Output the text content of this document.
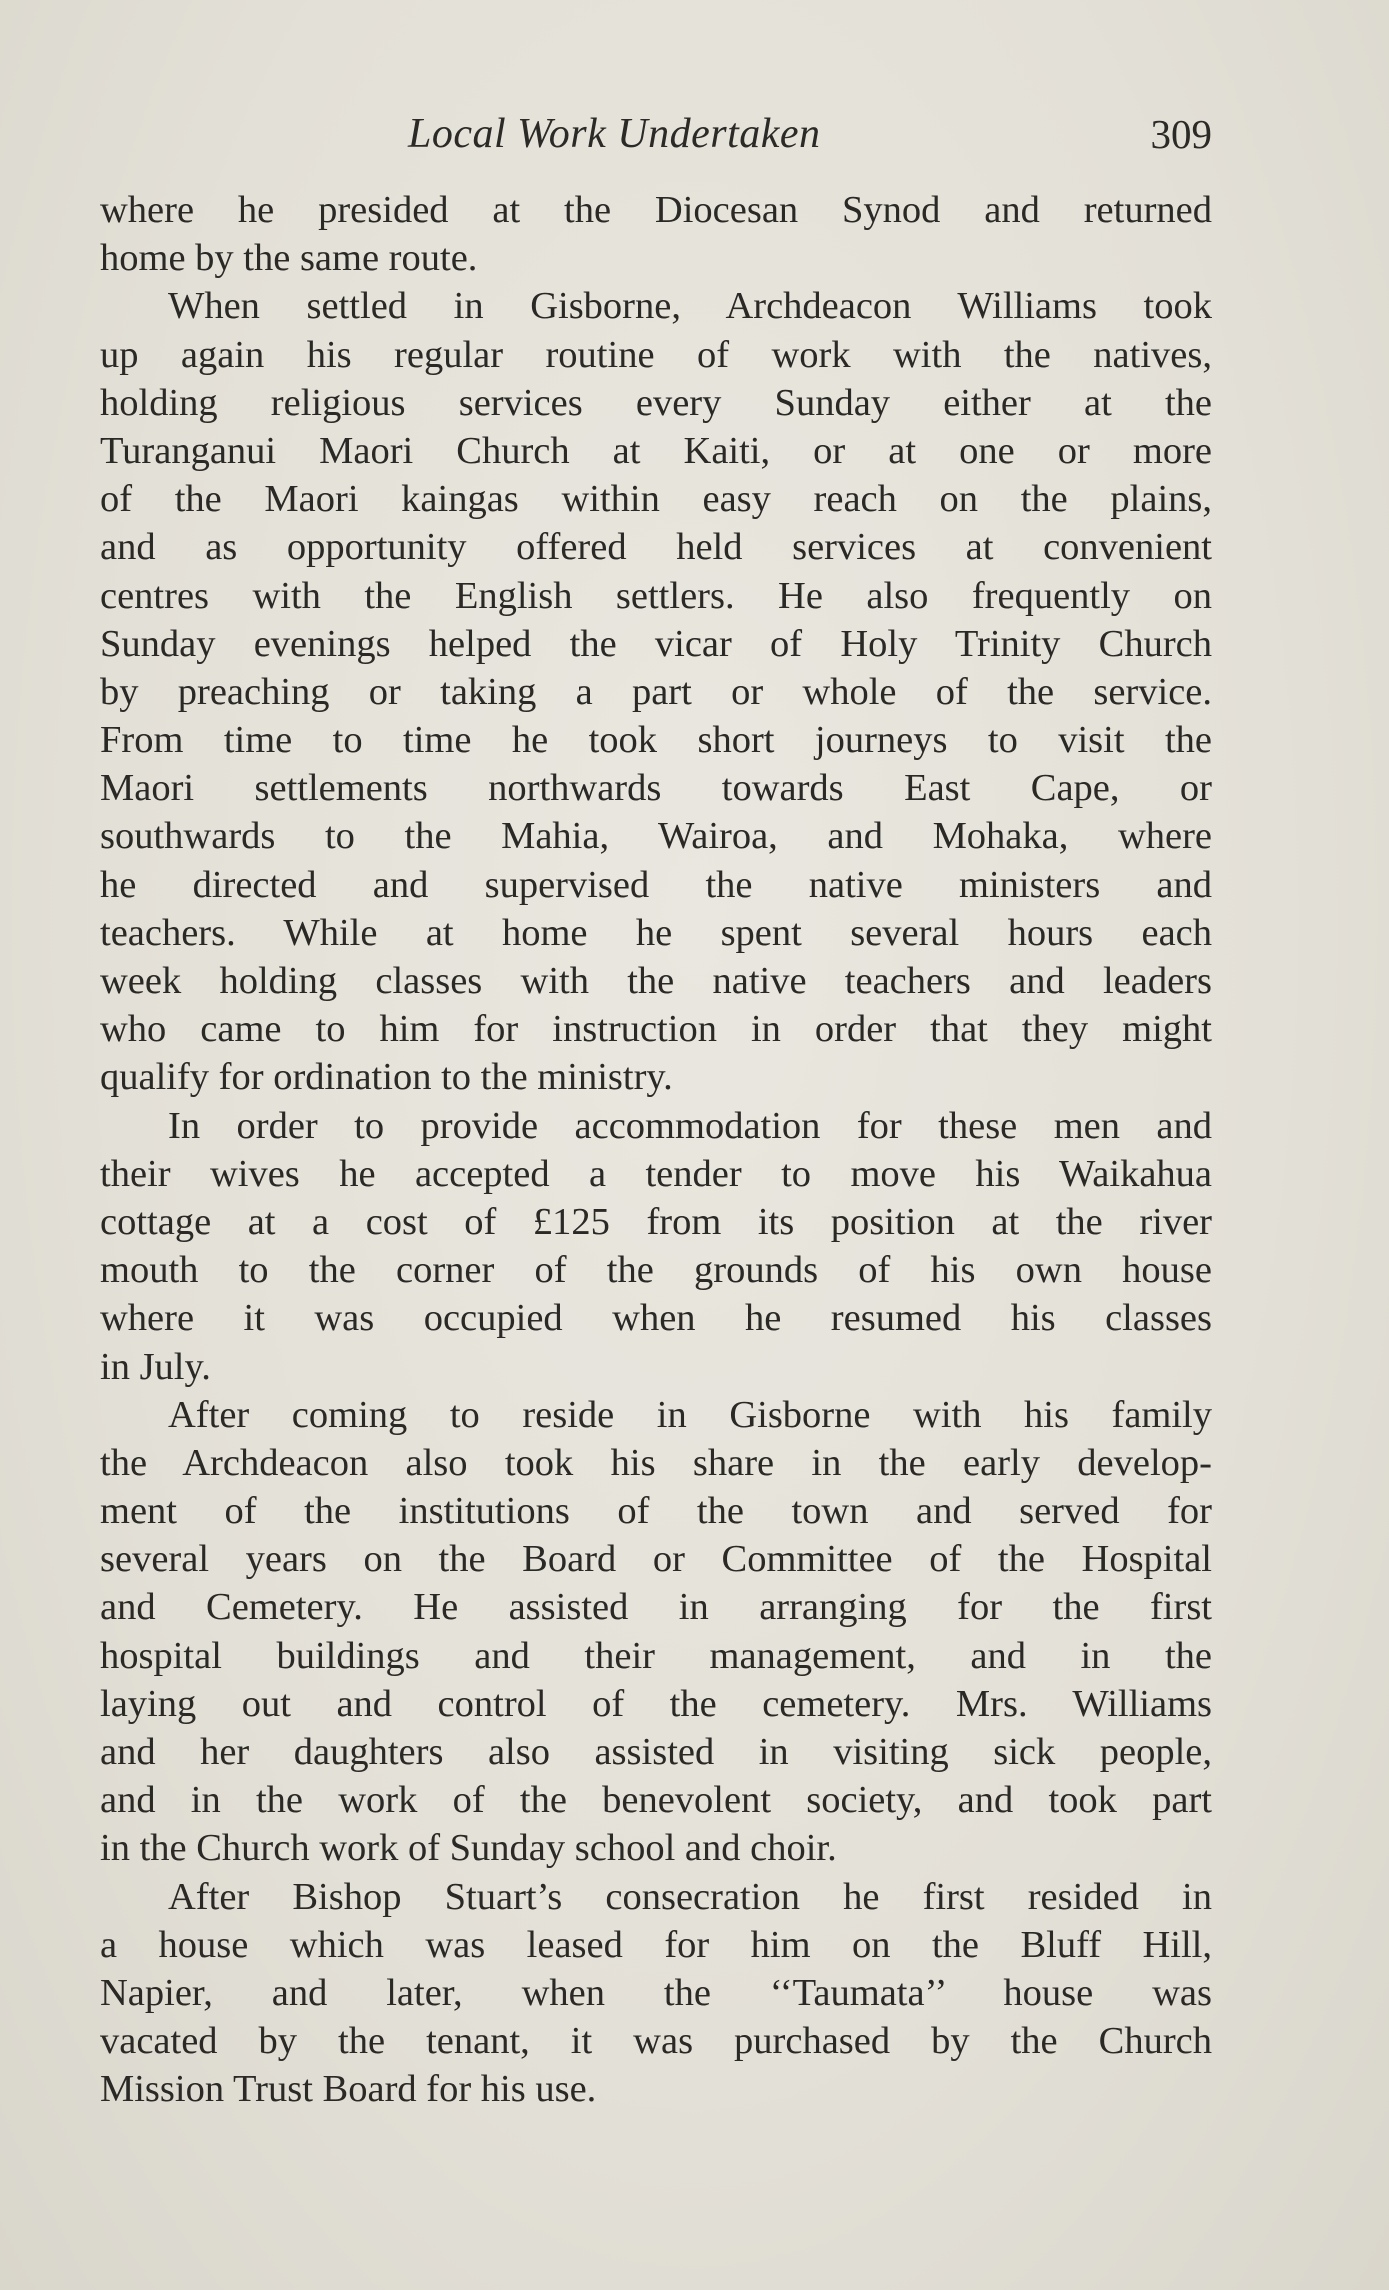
Local Work Undertaken	309
where he presided at the Diocesan Synod and returned
home by the same route.
When settled in Gisborne, Archdeacon Williams took
up again his regular routine of work with the natives,
holding religious services every Sunday either at the
Turanganui Maori Church at Kaiti, or at one or more
of the Maori kaingas within easy reach on the plains,
and as opportunity offered held services at convenient
centres with the English settlers. He also frequently on
Sunday evenings helped the vicar of Holy Trinity Church
by preaching or taking a part or whole of the service.
From time to time he took short journeys to visit the
Maori settlements northwards towards East Cape, or
southwards to the Mahia, Wairoa, and Mohaka, where
he directed and supervised the native ministers and
teachers. While at home he spent several hours each
week holding classes with the native teachers and leaders
who came to him for instruction in order that they might
qualify for ordination to the ministry.
In order to provide accommodation for these men and
their wives he accepted a tender to move his Waikahua
cottage at a cost of £125 from its position at the river
mouth to the corner of the grounds of his own house
where it was occupied when he resumed his classes
in July.
After coming to reside in Gisborne with his family
the Archdeacon also took his share in the early develop-
ment of the institutions of the town and served for
several years on the Board or Committee of the Hospital
and Cemetery. He assisted in arranging for the first
hospital buildings and their management, and in the
laying out and control of the cemetery. Mrs. Williams
and her daughters also assisted in visiting sick people,
and in the work of the benevolent society, and took part
in the Church work of Sunday school and choir.
After Bishop Stuart’s consecration he first resided in
a house which was leased for him on the Bluff Hill,
Napier, and later, when the ‘‘Taumata’’ house was
vacated by the tenant, it was purchased by the Church
Mission Trust Board for his use.
